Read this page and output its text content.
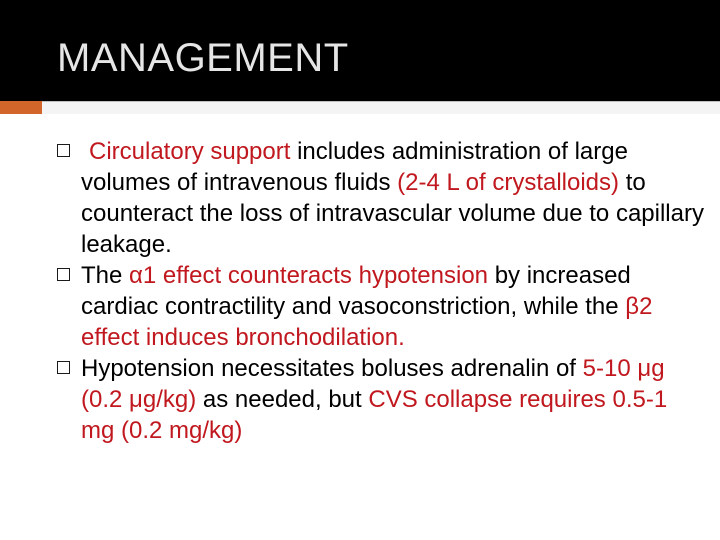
MANAGEMENT
Circulatory support includes administration of large volumes of intravenous fluids (2-4 L of crystalloids) to counteract the loss of intravascular volume due to capillary leakage.
The α1 effect counteracts hypotension by increased cardiac contractility and vasoconstriction, while the β2 effect induces bronchodilation.
Hypotension necessitates boluses adrenalin of 5-10 μg (0.2 μg/kg) as needed, but CVS collapse requires 0.5-1 mg (0.2 mg/kg)
